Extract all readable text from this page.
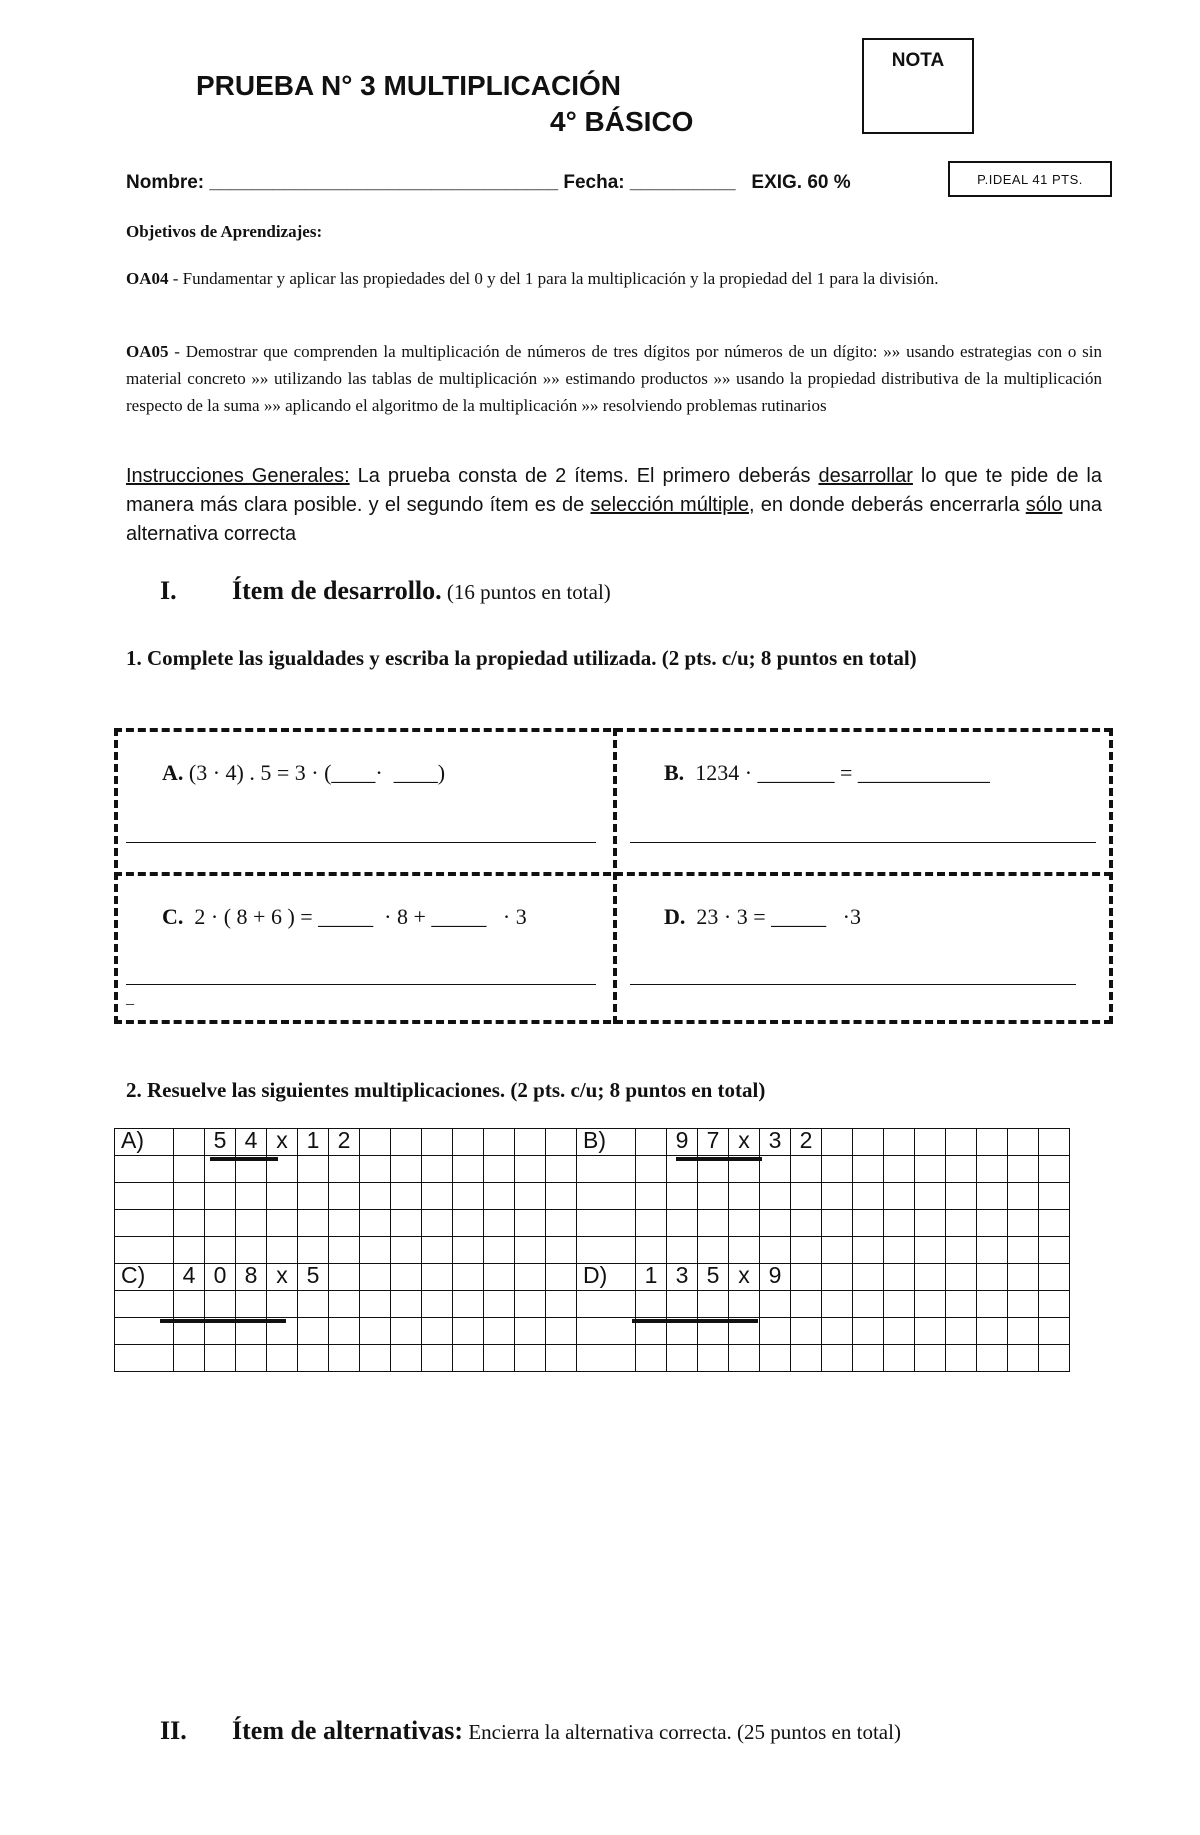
PRUEBA N° 3 MULTIPLICACIÓN
4° BÁSICO
NOTA
Nombre: _________________________________ Fecha: __________   EXIG. 60 %	P.IDEAL 41 PTS.
Objetivos de Aprendizajes:
OA04 - Fundamentar y aplicar las propiedades del 0 y del 1 para la multiplicación y la propiedad del 1 para la división.
OA05 - Demostrar que comprenden la multiplicación de números de tres dígitos por números de un dígito: »» usando estrategias con o sin material concreto »» utilizando las tablas de multiplicación »» estimando productos »» usando la propiedad distributiva de la multiplicación respecto de la suma »» aplicando el algoritmo de la multiplicación »» resolviendo problemas rutinarios
Instrucciones Generales: La prueba consta de 2 ítems. El primero deberás desarrollar lo que te pide de la manera más clara posible. y el segundo ítem es de selección múltiple, en donde deberás encerrarla sólo una alternativa correcta
I. Ítem de desarrollo. (16 puntos en total)
1. Complete las igualdades y escriba la propiedad utilizada. (2 pts. c/u; 8 puntos en total)
A. (3 · 4) . 5 = 3 · (____·  ____)	B.  1234 · _______ = ____________
C.  2 · ( 8 + 6 ) = _____  · 8 + _____   · 3	D.  23 · 3 = _____   ·3
_
2. Resuelve las siguientes multiplicaciones. (2 pts. c/u; 8 puntos en total)
A)		5	4	x	1	2								B)		9	7	x	3	2								

C)	4	0	8	x	5									D)	1	3	5	x	9									

II. Ítem de alternativas: Encierra la alternativa correcta. (25 puntos en total)
